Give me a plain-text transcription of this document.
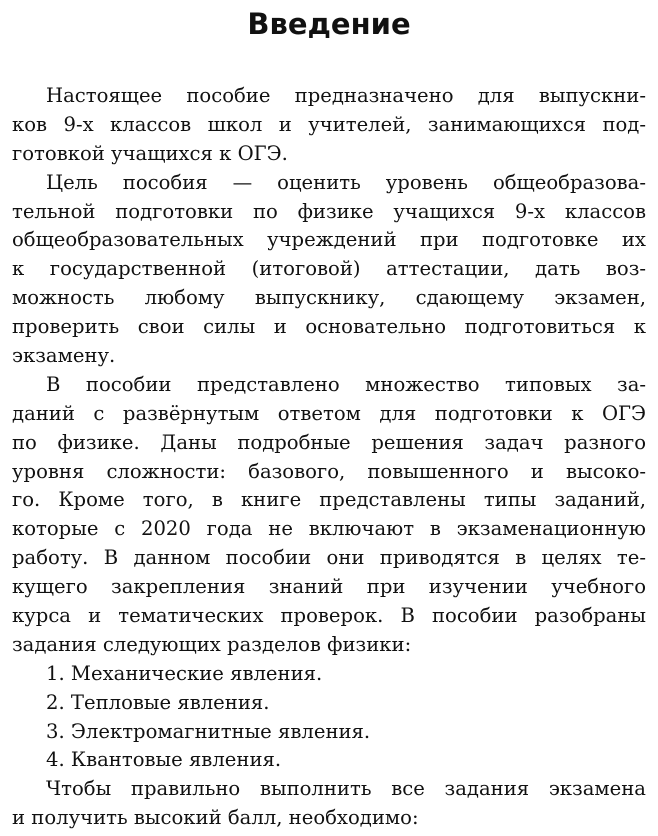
Введение
Настоящее пособие предназначено для выпускни-
ков 9-х классов школ и учителей, занимающихся под-
готовкой учащихся к ОГЭ.
Цель пособия — оценить уровень общеобразова-
тельной подготовки по физике учащихся 9-х классов
общеобразовательных учреждений при подготовке их
к государственной (итоговой) аттестации, дать воз-
можность любому выпускнику, сдающему экзамен,
проверить свои силы и основательно подготовиться к
экзамену.
В пособии представлено множество типовых за-
даний с развёрнутым ответом для подготовки к ОГЭ
по физике. Даны подробные решения задач разного
уровня сложности: базового, повышенного и высоко-
го. Кроме того, в книге представлены типы заданий,
которые с 2020 года не включают в экзаменационную
работу. В данном пособии они приводятся в целях те-
кущего закрепления знаний при изучении учебного
курса и тематических проверок. В пособии разобраны
задания следующих разделов физики:
1. Механические явления.
2. Тепловые явления.
3. Электромагнитные явления.
4. Квантовые явления.
Чтобы правильно выполнить все задания экзамена
и получить высокий балл, необходимо:
